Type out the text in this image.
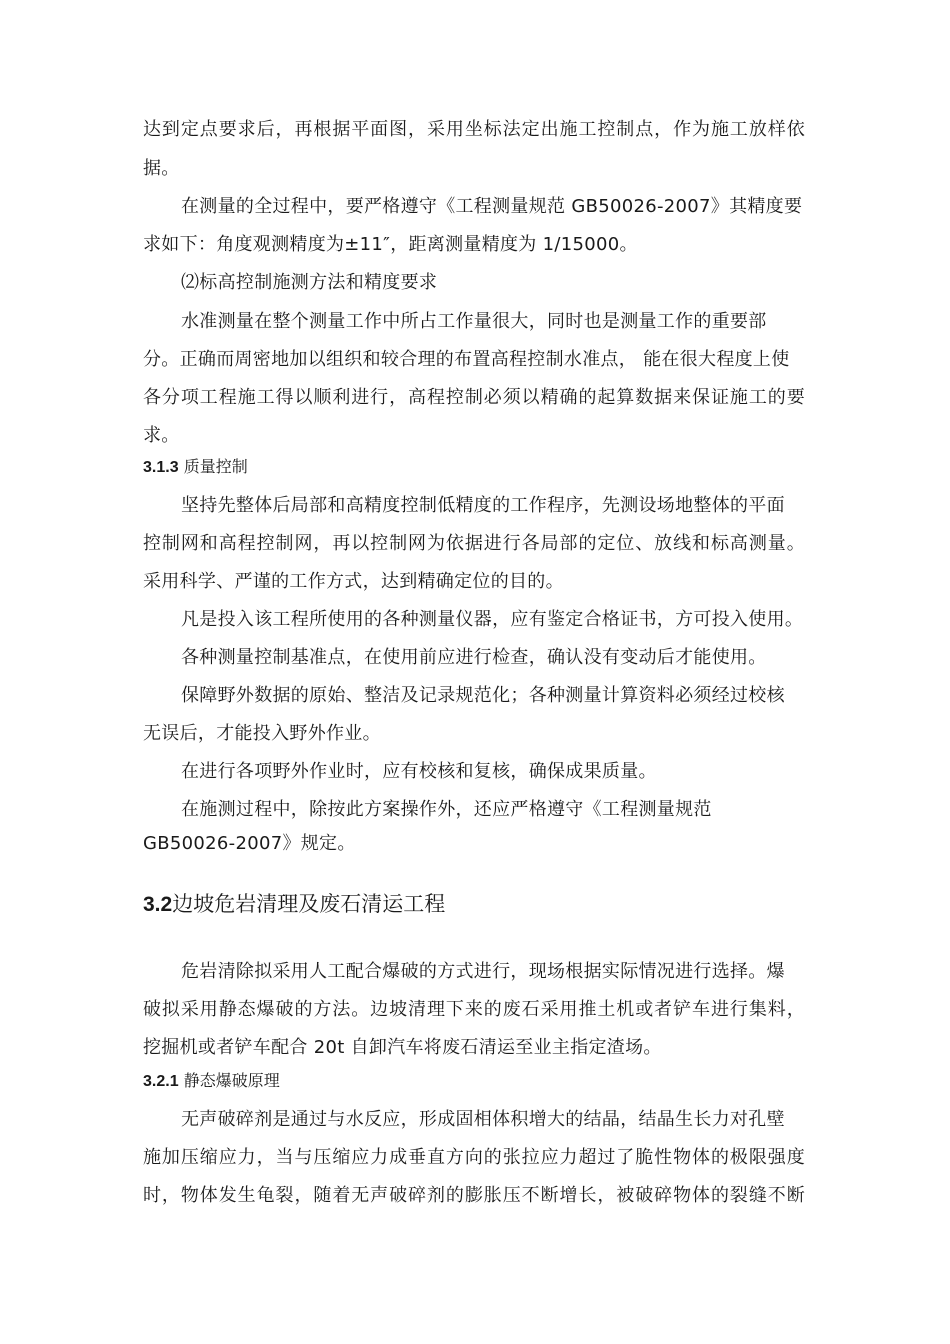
达到定点要求后，再根据平面图，采用坐标法定出施工控制点，作为施工放样依
据。
在测量的全过程中，要严格遵守《工程测量规范 GB50026-2007》其精度要
求如下：角度观测精度为±11″，距离测量精度为 1/15000。
⑵标高控制施测方法和精度要求
水准测量在整个测量工作中所占工作量很大，同时也是测量工作的重要部
分。正确而周密地加以组织和较合理的布置高程控制水准点， 能在很大程度上使
各分项工程施工得以顺利进行，高程控制必须以精确的起算数据来保证施工的要
求。
3.1.3 质量控制
坚持先整体后局部和高精度控制低精度的工作程序，先测设场地整体的平面
控制网和高程控制网，再以控制网为依据进行各局部的定位、放线和标高测量。
采用科学、严谨的工作方式，达到精确定位的目的。
凡是投入该工程所使用的各种测量仪器，应有鉴定合格证书，方可投入使用。
各种测量控制基准点，在使用前应进行检查，确认没有变动后才能使用。
保障野外数据的原始、整洁及记录规范化；各种测量计算资料必须经过校核
无误后，才能投入野外作业。
在进行各项野外作业时，应有校核和复核，确保成果质量。
在施测过程中，除按此方案操作外，还应严格遵守《工程测量规范
GB50026-2007》规定。
3.2边坡危岩清理及废石清运工程
危岩清除拟采用人工配合爆破的方式进行，现场根据实际情况进行选择。爆
破拟采用静态爆破的方法。边坡清理下来的废石采用推土机或者铲车进行集料，
挖掘机或者铲车配合 20t 自卸汽车将废石清运至业主指定渣场。
3.2.1 静态爆破原理
无声破碎剂是通过与水反应，形成固相体积增大的结晶，结晶生长力对孔壁
施加压缩应力，当与压缩应力成垂直方向的张拉应力超过了脆性物体的极限强度
时，物体发生龟裂，随着无声破碎剂的膨胀压不断增长，被破碎物体的裂缝不断
